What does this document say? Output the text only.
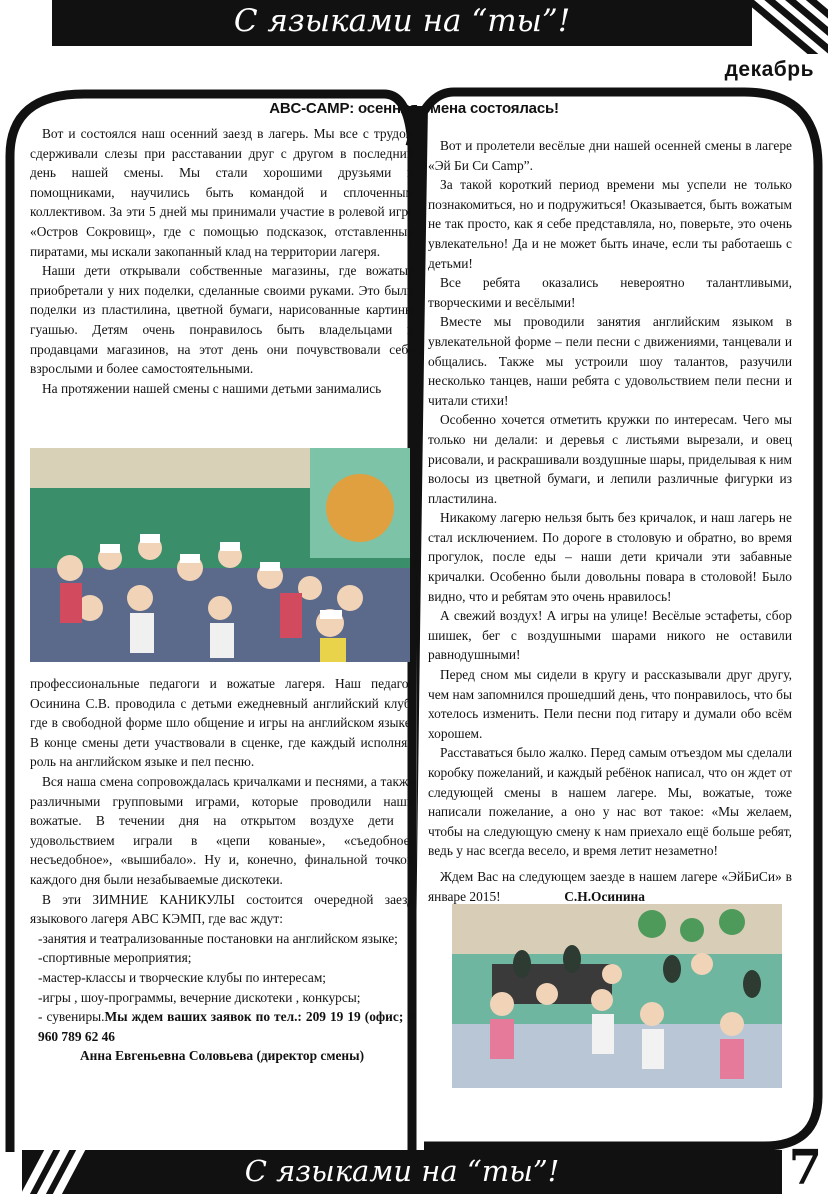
С языками на “ты”!
декабрь
ABC-CAMP: осенняя смена состоялась!

Вот и состоялся наш осенний заезд в лагерь. Мы все с трудом сдерживали слезы при расставании друг с другом в последний день нашей смены. Мы стали хорошими друзьями и помощниками, научились быть командой и сплоченным коллективом. За эти 5 дней мы принимали участие в ролевой игре «Остров Сокровищ», где с помощью подсказок, отставленных пиратами, мы искали закопанный клад на территории лагеря.

Наши дети открывали собственные магазины, где вожатые приобретали у них поделки, сделанные своими руками. Это были поделки из пластилина, цветной бумаги, нарисованные картины гуашью. Детям очень понравилось быть владельцами и продавцами магазинов, на этот день они почувствовали себя взрослыми и более самостоятельными.

На протяжении нашей смены с нашими детьми занимались

профессиональные педагоги и вожатые лагеря. Наш педагог Осинина С.В. проводила с детьми ежедневный английский клуб, где в свободной форме шло общение и игры на английском языке. В конце смены дети участвовали в сценке, где каждый исполнял роль на английском языке и пел песню.

Вся наша смена сопровождалась кричалками и песнями, а также различными групповыми играми, которые проводили наши вожатые. В течении дня на открытом воздухе дети с удовольствием играли в «цепи кованые», «съедобное-несъедобное», «вышибало». Ну и, конечно, финальной точкой каждого дня были незабываемые дискотеки.

В эти ЗИМНИЕ КАНИКУЛЫ состоится очередной заезд языкового лагеря АВС КЭМП, где вас ждут:

-занятия и театрализованные постановки на английском языке;

-спортивные мероприятия;

-мастер-классы и творческие клубы по интересам;

-игры , шоу-программы, вечерние дискотеки , конкурсы;

- сувениры.Мы ждем ваших заявок по тел.: 209 19 19 (офис; 8 960 789 62 46

Анна Евгеньевна Соловьева (директор смены)

Вот и пролетели весёлые дни нашей осенней смены в лагере «Эй Би Си Camp”.

За такой короткий период времени мы успели не только познакомиться, но и подружиться! Оказывается, быть вожатым не так просто, как я себе представляла, но, поверьте, это очень увлекательно! Да и не может быть иначе, если ты работаешь с детьми!

Все ребята оказались невероятно талантливыми, творческими и весёлыми!

Вместе мы проводили занятия английским языком в увлекательной форме – пели песни с движениями, танцевали и общались. Также мы устроили шоу талантов, разучили несколько танцев, наши ребята с удовольствием пели песни и читали стихи!

Особенно хочется отметить кружки по интересам. Чего мы только ни делали: и деревья с листьями вырезали, и овец рисовали, и раскрашивали воздушные шары, приделывая к ним волосы из цветной бумаги, и лепили различные фигурки из пластилина.

Никакому лагерю нельзя быть без кричалок, и наш лагерь не стал исключением. По дороге в столовую и обратно, во время прогулок, после еды – наши дети кричали эти забавные кричалки. Особенно были довольны повара в столовой! Было видно, что и ребятам это очень нравилось!

А свежий воздух! А игры на улице! Весёлые эстафеты, сбор шишек, бег с воздушными шарами никого не оставили равнодушными!

Перед сном мы сидели в кругу и рассказывали друг другу, чем нам запомнился прошедший день, что понравилось, что бы хотелось изменить. Пели песни под гитару и думали обо всём хорошем.

Расставаться было жалко. Перед самым отъездом мы сделали коробку пожеланий, и каждый ребёнок написал, что он ждет от следующей смены в нашем лагере. Мы, вожатые, тоже написали пожелание, а оно у нас вот такое: «Мы желаем, чтобы на следующую смену к нам приехало ещё больше ребят, ведь у нас всегда весело, и время летит незаметно!

Ждем Вас на следующем заезде в нашем лагере «ЭйБиСи» в январе 2015!	С.Н.Осинина

С языками на “ты”!	7
